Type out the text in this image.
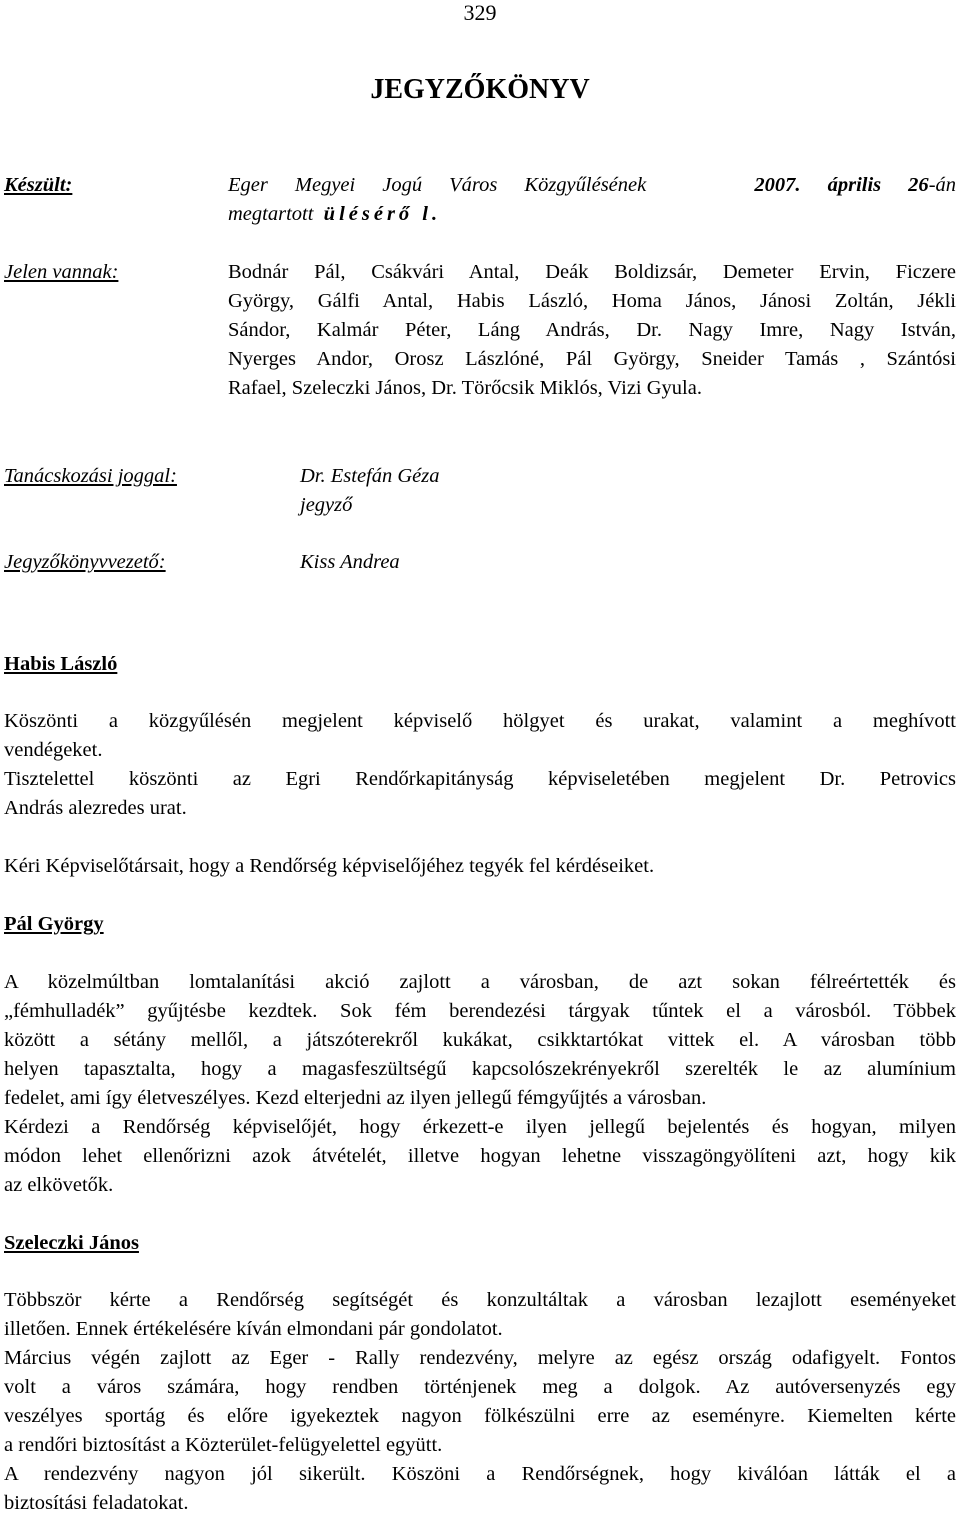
329
JEGYZŐKÖNYV
Készült:	Eger Megyei Jogú Város Közgyűlésének	2007. április 26-án
megtartott ülésérő l.
Jelen vannak:	Bodnár Pál, Csákvári Antal, Deák Boldizsár, Demeter Ervin, Ficzere
György, Gálfi Antal, Habis László, Homa János, Jánosi Zoltán, Jékli
Sándor, Kalmár Péter, Láng András, Dr. Nagy Imre, Nagy István,
Nyerges Andor, Orosz Lászlóné, Pál György, Sneider Tamás , Szántósi
Rafael, Szeleczki János, Dr. Törőcsik Miklós, Vizi Gyula.
Tanácskozási joggal:	Dr. Estefán Géza
jegyző
Jegyzőkönyvvezető:	Kiss Andrea
Habis László
Köszönti a közgyűlésén megjelent képviselő hölgyet és urakat, valamint a meghívott
vendégeket.
Tisztelettel köszönti az Egri Rendőrkapitányság képviseletében megjelent Dr. Petrovics
András alezredes urat.
Kéri Képviselőtársait, hogy a Rendőrség képviselőjéhez tegyék fel kérdéseiket.
Pál György
A közelmúltban lomtalanítási akció zajlott a városban, de azt sokan félreértették és
„fémhulladék” gyűjtésbe kezdtek. Sok fém berendezési tárgyak tűntek el a városból. Többek
között a sétány mellől, a játszóterekről kukákat, csikktartókat vittek el. A városban több
helyen tapasztalta, hogy a magasfeszültségű kapcsolószekrényekről szerelték le az alumínium
fedelet, ami így életveszélyes. Kezd elterjedni az ilyen jellegű fémgyűjtés a városban.
Kérdezi a Rendőrség képviselőjét, hogy érkezett-e ilyen jellegű bejelentés és hogyan, milyen
módon lehet ellenőrizni azok átvételét, illetve hogyan lehetne visszagöngyölíteni azt, hogy kik
az elkövetők.
Szeleczki János
Többször kérte a Rendőrség segítségét és konzultáltak a városban lezajlott eseményeket
illetően. Ennek értékelésére kíván elmondani pár gondolatot.
Március végén zajlott az Eger - Rally rendezvény, melyre az egész ország odafigyelt. Fontos
volt a város számára, hogy rendben történjenek meg a dolgok. Az autóversenyzés egy
veszélyes sportág és előre igyekeztek nagyon fölkészülni erre az eseményre. Kiemelten kérte
a rendőri biztosítást a Közterület-felügyelettel együtt.
A rendezvény nagyon jól sikerült. Köszöni a Rendőrségnek, hogy kiválóan látták el a
biztosítási feladatokat.
